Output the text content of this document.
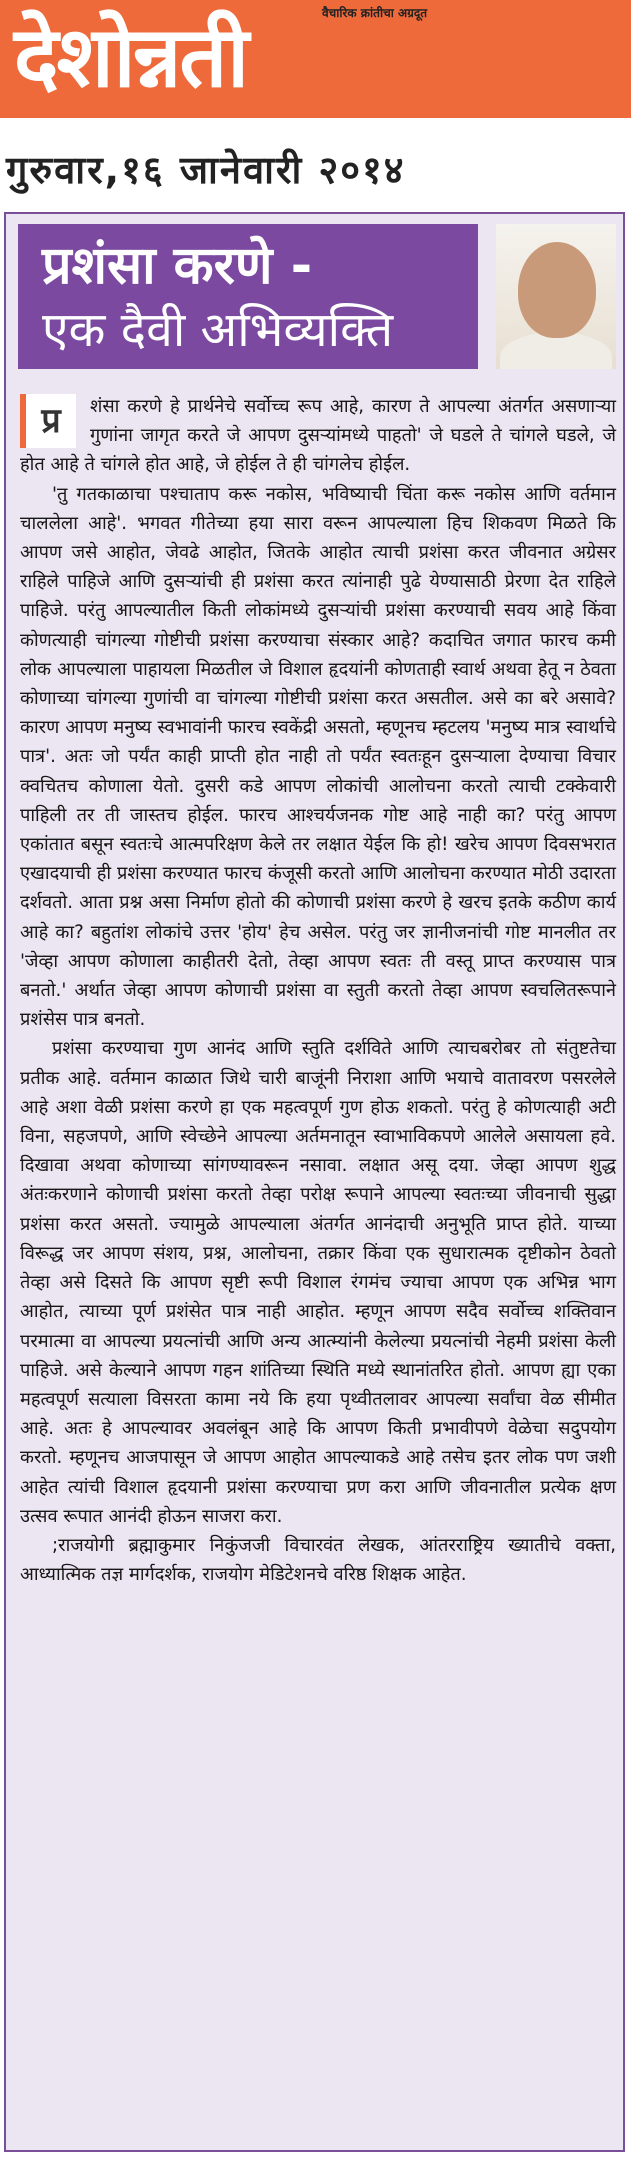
देशोन्नती	वैचारिक क्रांतीचा अग्रदूत
गुरुवार,१६ जानेवारी २०१४
प्रशंसा करणे -
एक दैवी अभिव्यक्ति

प्र	शंसा करणे हे प्रार्थनेचे सर्वोच्च रूप आहे, कारण ते आपल्या अंतर्गत असणाऱ्या गुणांना जागृत करते जे आपण दुसऱ्यांमध्ये पाहतो' जे घडले ते चांगले घडले, जे होत आहे ते चांगले होत आहे, जे होईल ते ही चांगलेच होईल.

'तु गतकाळाचा पश्चाताप करू नकोस, भविष्याची चिंता करू नकोस आणि वर्तमान चाललेला आहे'. भगवत गीतेच्या हया सारा वरून आपल्याला हिच शिकवण मिळते कि आपण जसे आहोत, जेवढे आहोत, जितके आहोत त्याची प्रशंसा करत जीवनात अग्रेसर राहिले पाहिजे आणि दुसऱ्यांची ही प्रशंसा करत त्यांनाही पुढे येण्यासाठी प्रेरणा देत राहिले पाहिजे. परंतु आपल्यातील किती लोकांमध्ये दुसऱ्यांची प्रशंसा करण्याची सवय आहे किंवा कोणत्याही चांगल्या गोष्टीची प्रशंसा करण्याचा संस्कार आहे? कदाचित जगात फारच कमी लोक आपल्याला पाहायला मिळतील जे विशाल हृदयांनी कोणताही स्वार्थ अथवा हेतू न ठेवता कोणाच्या चांगल्या गुणांची वा चांगल्या गोष्टीची प्रशंसा करत असतील. असे का बरे असावे? कारण आपण मनुष्य स्वभावांनी फारच स्वकेंद्री असतो, म्हणूनच म्हटलय 'मनुष्य मात्र स्वार्थाचे पात्र'. अतः जो पर्यंत काही प्राप्ती होत नाही तो पर्यंत स्वतःहून दुसऱ्याला देण्याचा विचार क्वचितच कोणाला येतो. दुसरी कडे आपण लोकांची आलोचना करतो त्याची टक्केवारी पाहिली तर ती जास्तच होईल. फारच आश्चर्यजनक गोष्ट आहे नाही का? परंतु आपण एकांतात बसून स्वतःचे आत्मपरिक्षण केले तर लक्षात येईल कि हो! खरेच आपण दिवसभरात एखादयाची ही प्रशंसा करण्यात फारच कंजूसी करतो आणि आलोचना करण्यात मोठी उदारता दर्शवतो. आता प्रश्न असा निर्माण होतो की कोणाची प्रशंसा करणे हे खरच इतके कठीण कार्य आहे का? बहुतांश लोकांचे उत्तर 'होय' हेच असेल. परंतु जर ज्ञानीजनांची गोष्ट मानलीत तर 'जेव्हा आपण कोणाला काहीतरी देतो, तेव्हा आपण स्वतः ती वस्तू प्राप्त करण्यास पात्र बनतो.' अर्थात जेव्हा आपण कोणाची प्रशंसा वा स्तुती करतो तेव्हा आपण स्वचलितरूपाने प्रशंसेस पात्र बनतो.

प्रशंसा करण्याचा गुण आनंद आणि स्तुति दर्शविते आणि त्याचबरोबर तो संतुष्टतेचा प्रतीक आहे. वर्तमान काळात जिथे चारी बाजूंनी निराशा आणि भयाचे वातावरण पसरलेले आहे अशा वेळी प्रशंसा करणे हा एक महत्वपूर्ण गुण होऊ शकतो. परंतु हे कोणत्याही अटी विना, सहजपणे, आणि स्वेच्छेने आपल्या अर्तमनातून स्वाभाविकपणे आलेले असायला हवे. दिखावा अथवा कोणाच्या सांगण्यावरून नसावा. लक्षात असू दया. जेव्हा आपण शुद्ध अंतःकरणाने कोणाची प्रशंसा करतो तेव्हा परोक्ष रूपाने आपल्या स्वतःच्या जीवनाची सुद्धा प्रशंसा करत असतो. ज्यामुळे आपल्याला अंतर्गत आनंदाची अनुभूति प्राप्त होते. याच्या विरूद्ध जर आपण संशय, प्रश्न, आलोचना, तक्रार किंवा एक सुधारात्मक दृष्टीकोन ठेवतो तेव्हा असे दिसते कि आपण सृष्टी रूपी विशाल रंगमंच ज्याचा आपण एक अभिन्न भाग आहोत, त्याच्या पूर्ण प्रशंसेत पात्र नाही आहोत. म्हणून आपण सदैव सर्वोच्च शक्तिवान परमात्मा वा आपल्या प्रयत्नांची आणि अन्य आत्म्यांनी केलेल्या प्रयत्नांची नेहमी प्रशंसा केली पाहिजे. असे केल्याने आपण गहन शांतिच्या स्थिति मध्ये स्थानांतरित होतो. आपण ह्या एका महत्वपूर्ण सत्याला विसरता कामा नये कि हया पृथ्वीतलावर आपल्या सर्वांचा वेळ सीमीत आहे. अतः हे आपल्यावर अवलंबून आहे कि आपण किती प्रभावीपणे वेळेचा सदुपयोग करतो. म्हणूनच आजपासून जे आपण आहोत आपल्याकडे आहे तसेच इतर लोक पण जशी आहेत त्यांची विशाल हृदयानी प्रशंसा करण्याचा प्रण करा आणि जीवनातील प्रत्येक क्षण उत्सव रूपात आनंदी होऊन साजरा करा.

;राजयोगी ब्रह्माकुमार निकुंजजी विचारवंत लेखक, आंतरराष्ट्रिय ख्यातीचे वक्ता, आध्यात्मिक तज्ञ मार्गदर्शक, राजयोग मेडिटेशनचे वरिष्ठ शिक्षक आहेत.
